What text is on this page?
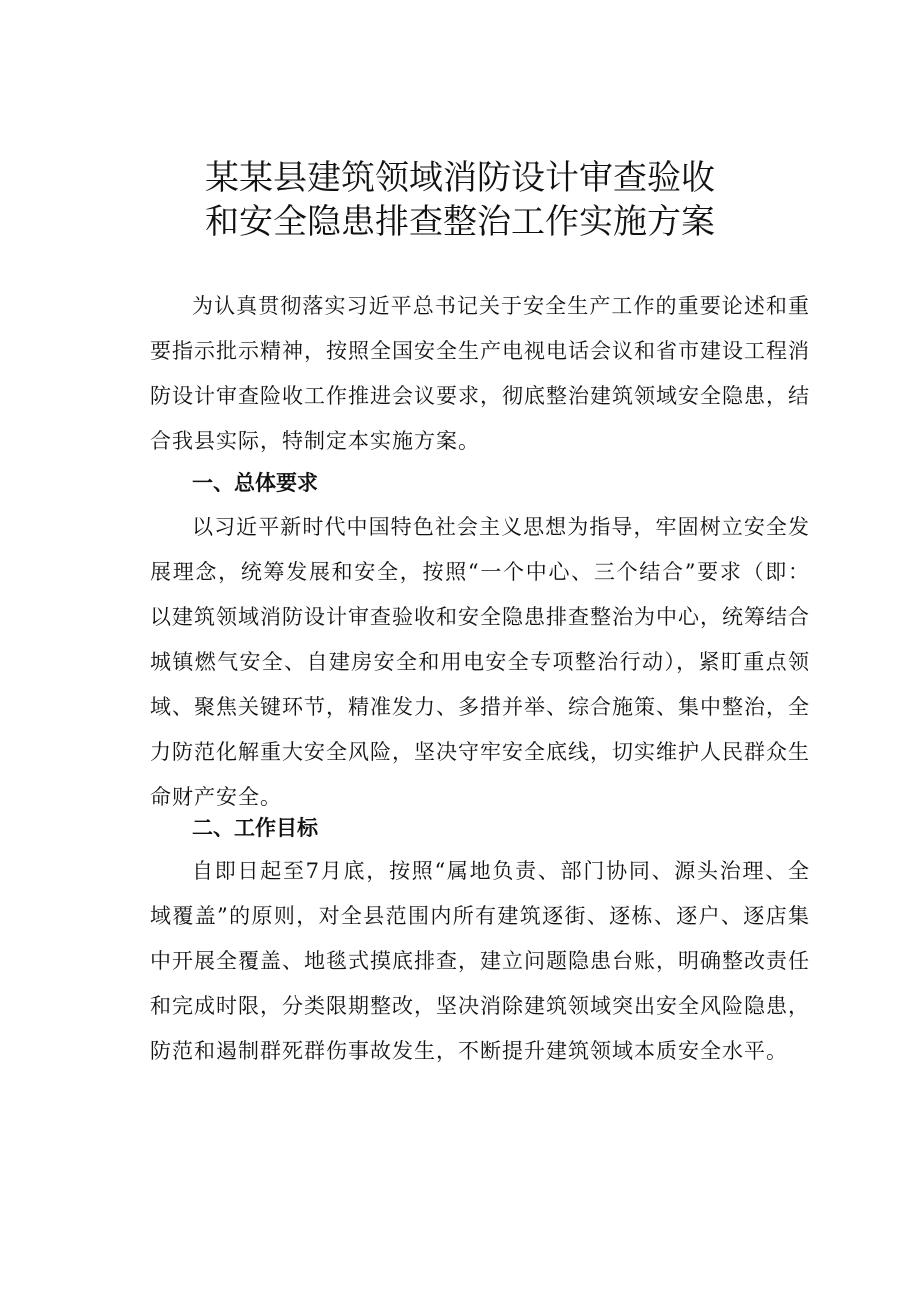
某某县建筑领域消防设计审查验收
和安全隐患排查整治工作实施方案

为认真贯彻落实习近平总书记关于安全生产工作的重要论述和重要指示批示精神，按照全国安全生产电视电话会议和省市建设工程消防设计审查险收工作推进会议要求，彻底整治建筑领域安全隐患，结合我县实际，特制定本实施方案。

一、总体要求

以习近平新时代中国特色社会主义思想为指导，牢固树立安全发展理念，统筹发展和安全，按照“一个中心、三个结合”要求（即：以建筑领域消防设计审查验收和安全隐患排查整治为中心，统筹结合城镇燃气安全、自建房安全和用电安全专项整治行动），紧盯重点领域、聚焦关键环节，精准发力、多措并举、综合施策、集中整治，全力防范化解重大安全风险，坚决守牢安全底线，切实维护人民群众生命财产安全。

二、工作目标

自即日起至7月底，按照“属地负责、部门协同、源头治理、全域覆盖”的原则，对全县范围内所有建筑逐街、逐栋、逐户、逐店集中开展全覆盖、地毯式摸底排查，建立问题隐患台账，明确整改责任和完成时限，分类限期整改，坚决消除建筑领域突出安全风险隐患，防范和遏制群死群伤事故发生，不断提升建筑领域本质安全水平。
